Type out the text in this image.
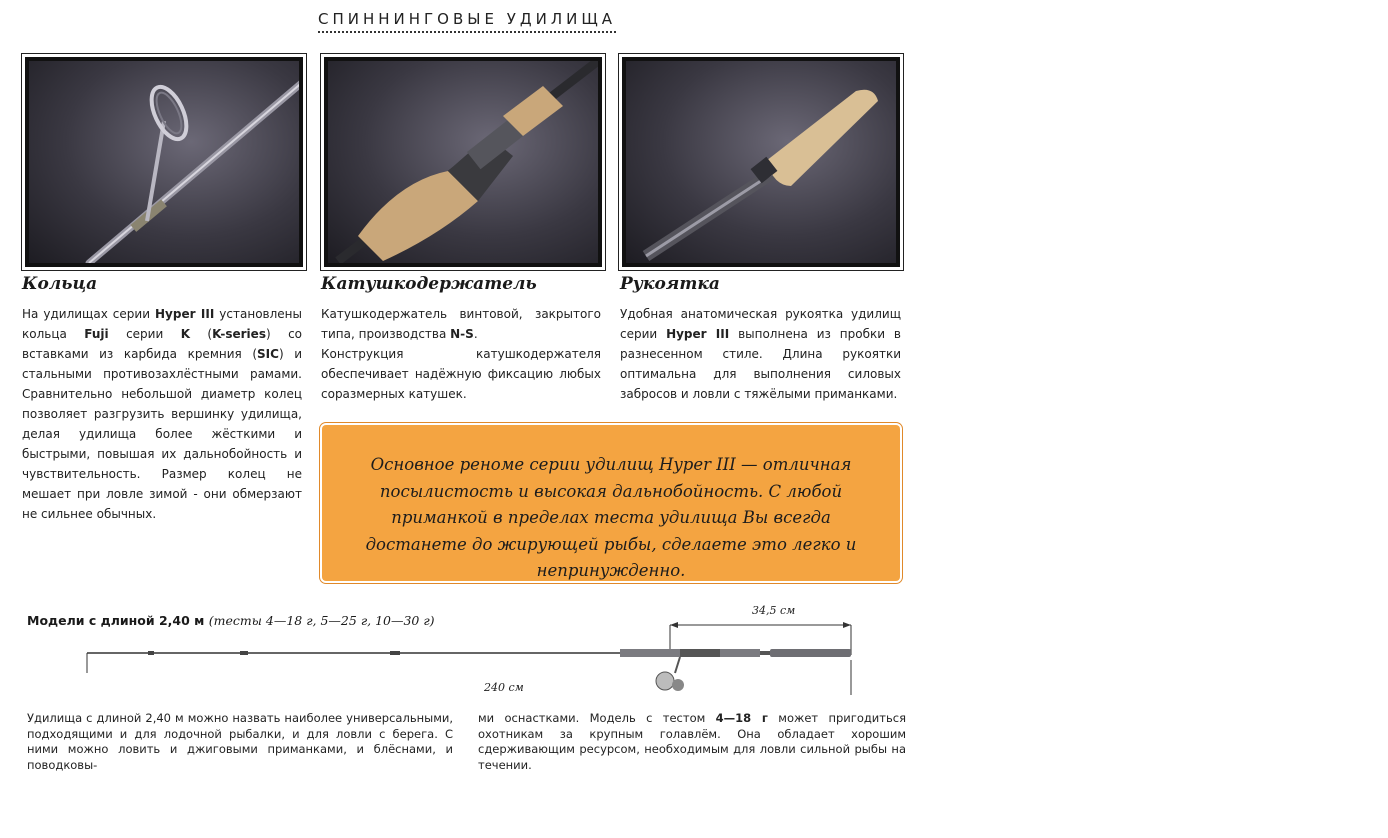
СПИННИНГОВЫЕ УДИЛИЩА
Кольца	Катушкодержатель	Рукоятка
На удилищах серии Hyper III установлены кольца Fuji серии K (K-series) со вставками из карбида кремния (SIC) и стальными противозахлёстными рамами. Сравнительно небольшой диаметр колец позволяет разгрузить вершинку удилища, делая удилища более жёсткими и быстрыми, повышая их дальнобойность и чувствительность. Размер колец не мешает при ловле зимой - они обмерзают не сильнее обычных.
Катушкодержатель винтовой, закрытого типа, производства N-S.
Конструкция катушкодержателя обеспечивает надёжную фиксацию любых соразмерных катушек.
Удобная анатомическая рукоятка удилищ серии Hyper III выполнена из пробки в разнесенном стиле. Длина рукоятки оптимальна для выполнения силовых забросов и ловли с тяжёлыми приманками.

Основное реноме серии удилищ Hyper III — отличная посылистость и высокая дальнобойность. С любой приманкой в пределах теста удилища Вы всегда достанете до жирующей рыбы, сделаете это легко и непринужденно.

Модели с длиной 2,40 м (тесты 4—18 г, 5—25 г, 10—30 г)
34,5 см
240 см
Удилища с длиной 2,40 м можно назвать наиболее универсальными, подходящими и для лодочной рыбалки, и для ловли с берега. С ними можно ловить и джиговыми приманками, и блёснами, и поводковы-
ми оснастками. Модель с тестом 4—18 г может пригодиться охотникам за крупным голавлём. Она обладает хорошим сдерживающим ресурсом, необходимым для ловли сильной рыбы на течении.
